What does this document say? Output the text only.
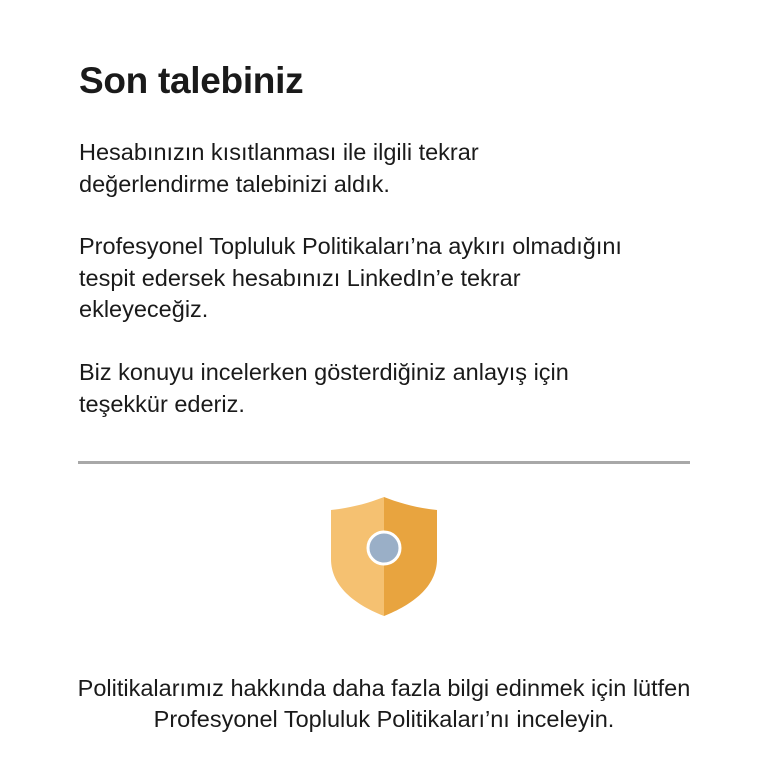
Son talebiniz

Hesabınızın kısıtlanması ile ilgili tekrar değerlendirme talebinizi aldık.

Profesyonel Topluluk Politikaları’na aykırı olmadığını tespit edersek hesabınızı LinkedIn’e tekrar ekleyeceğiz.

Biz konuyu incelerken gösterdiğiniz anlayış için teşekkür ederiz.

Politikalarımız hakkında daha fazla bilgi edinmek için lütfen Profesyonel Topluluk Politikaları’nı inceleyin.
